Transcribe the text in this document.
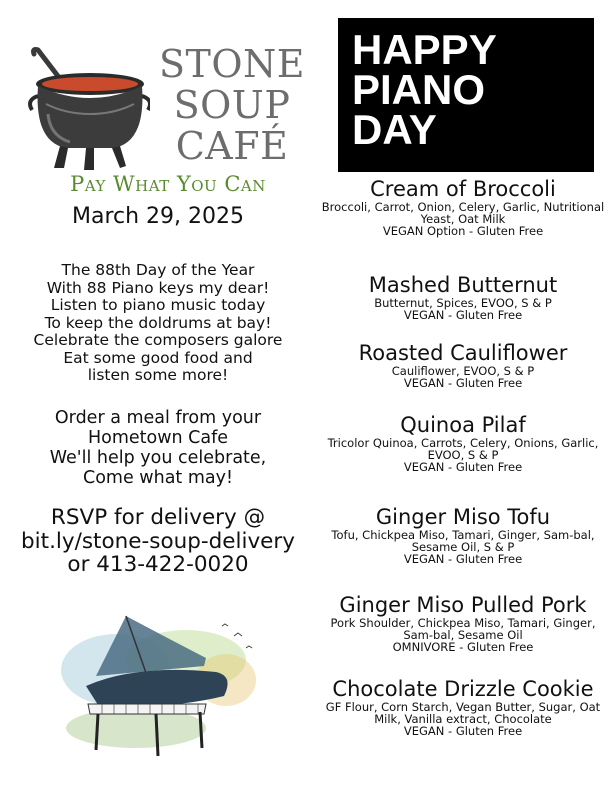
STONE
SOUP
CAFÉ
Pay What You Can
March 29, 2025
The 88th Day of the Year
With 88 Piano keys my dear!
Listen to piano music today
To keep the doldrums at bay!
Celebrate the composers galore
Eat some good food and
listen some more!
Order a meal from your
Hometown Cafe
We'll help you celebrate,
Come what may!
RSVP for delivery @
bit.ly/stone-soup-delivery
or 413-422-0020
HAPPY
PIANO
DAY
Cream of Broccoli
Broccoli, Carrot, Onion, Celery, Garlic, Nutritional Yeast, Oat Milk
VEGAN Option - Gluten Free
Mashed Butternut
Butternut, Spices, EVOO, S & P
VEGAN - Gluten Free
Roasted Cauliflower
Cauliflower, EVOO, S & P
VEGAN - Gluten Free
Quinoa Pilaf
Tricolor Quinoa, Carrots, Celery, Onions, Garlic, EVOO, S & P
VEGAN - Gluten Free
Ginger Miso Tofu
Tofu, Chickpea Miso, Tamari, Ginger, Sam-bal, Sesame Oil, S & P
VEGAN - Gluten Free
Ginger Miso Pulled Pork
Pork Shoulder, Chickpea Miso, Tamari, Ginger, Sam-bal, Sesame Oil
OMNIVORE - Gluten Free
Chocolate Drizzle Cookie
GF Flour, Corn Starch, Vegan Butter, Sugar, Oat Milk, Vanilla extract, Chocolate
VEGAN - Gluten Free
